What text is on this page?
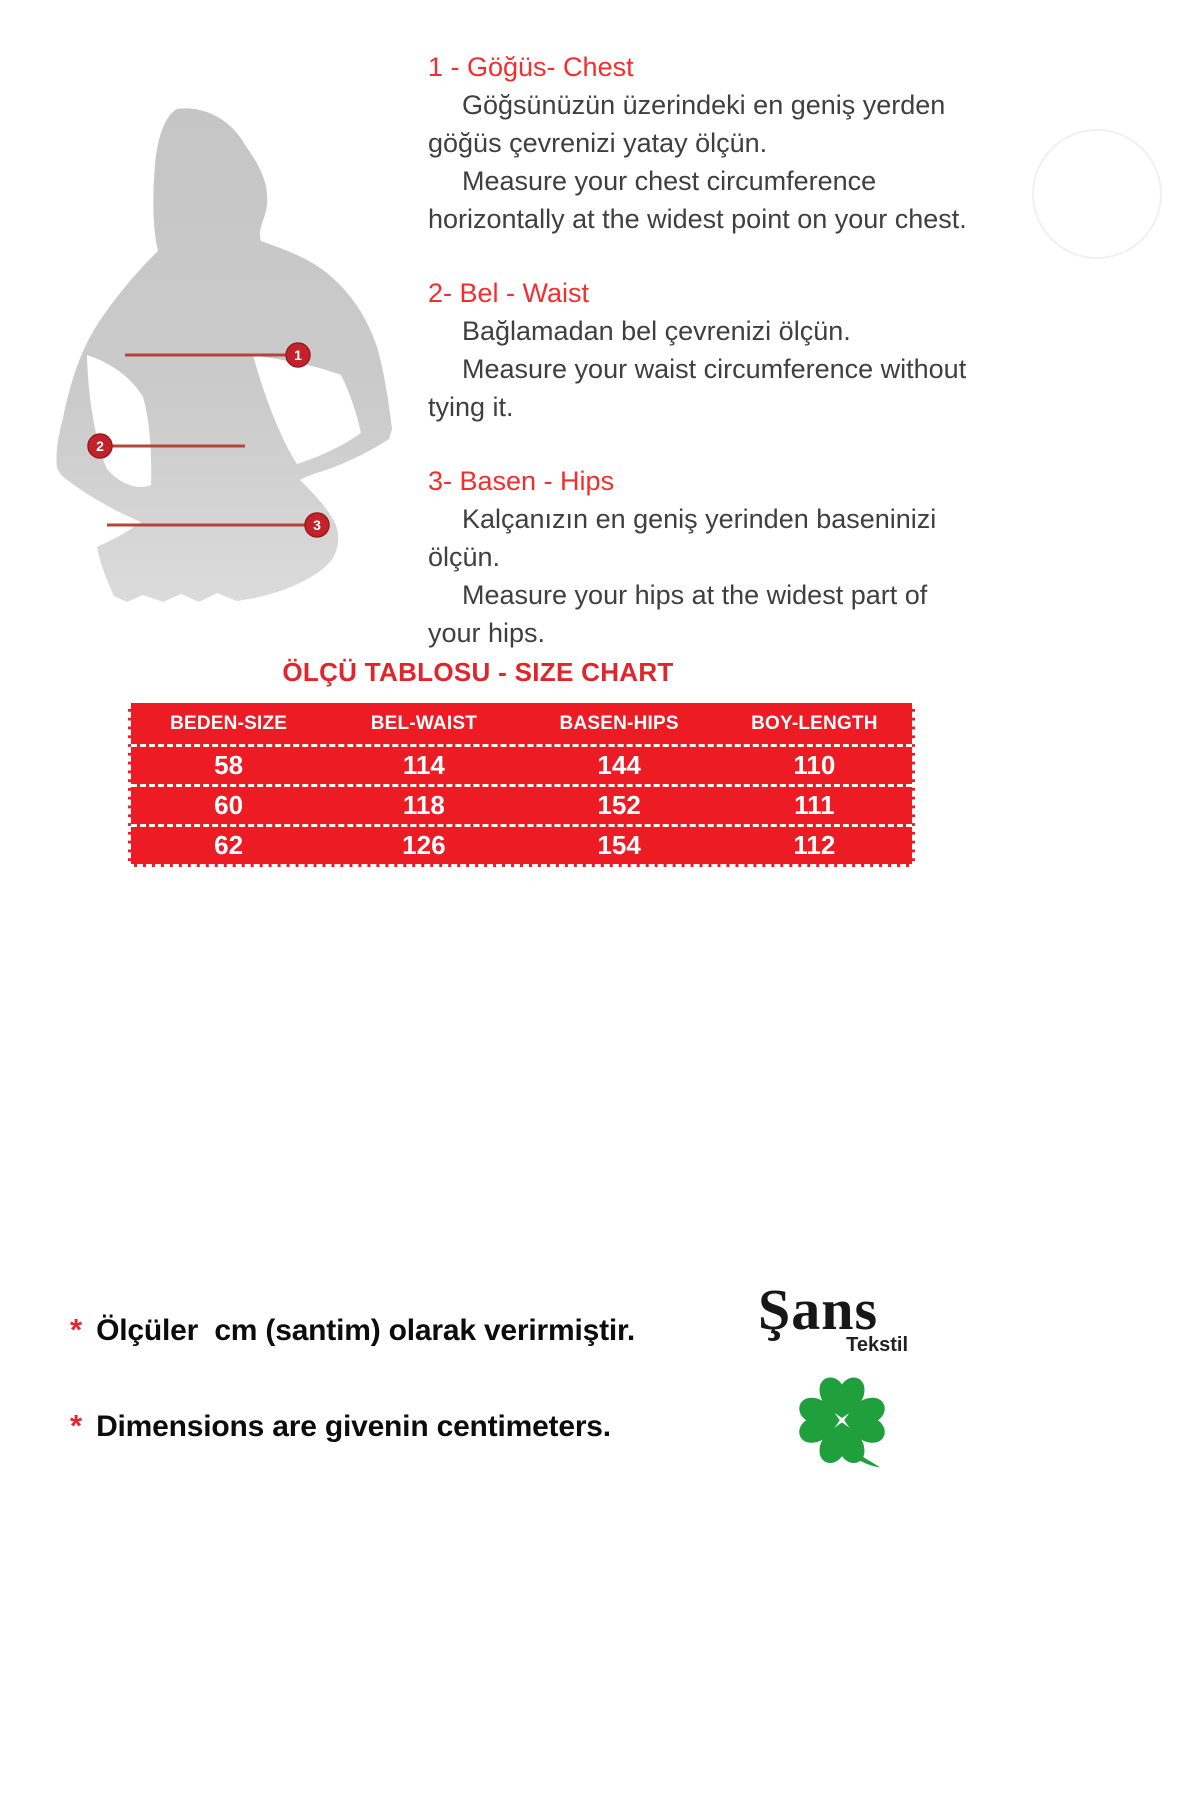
1
2
3
1 - Göğüs- Chest
Göğsünüzün üzerindeki en geniş yerden
göğüs çevrenizi yatay ölçün.
Measure your chest circumference
horizontally at the widest point on your chest.
2- Bel - Waist
Bağlamadan bel çevrenizi ölçün.
Measure your waist circumference without
tying it.
3- Basen - Hips
Kalçanızın en geniş yerinden baseninizi
ölçün.
Measure your hips at the widest part of
your hips.
ÖLÇÜ TABLOSU - SIZE CHART
BEDEN-SIZE	BEL-WAIST	BASEN-HIPS	BOY-LENGTH
58	114	144	110
60	118	152	111
62	126	154	112
* Ölçüler  cm (santim) olarak verirmiştir.
* Dimensions are givenin centimeters.
Şans
Tekstil
